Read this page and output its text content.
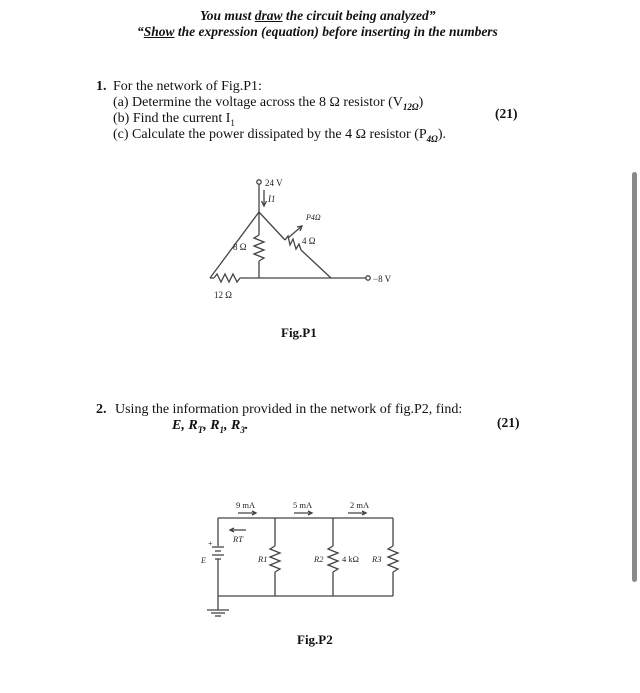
You must draw the circuit being analyzed”
“Show the expression (equation) before inserting in the numbers
1. For the network of Fig.P1:
(a) Determine the voltage across the 8 Ω resistor $(V_{12\Omega})$
(b) Find the current $I_1$
(c) Calculate the power dissipated by the 4 Ω resistor $(P_{4\Omega})$.
(21)
24 V
I1
8 Ω
4 Ω
P4Ω
12 Ω
−8 V
Fig.P1
2. Using the information provided in the network of fig.P2, find:
E, $R_T$, $R_1$, $R_3$.	(21)
9 mA	5 mA	2 mA
RT
R1	R2 4 kΩ R3
E
+
Fig.P2
